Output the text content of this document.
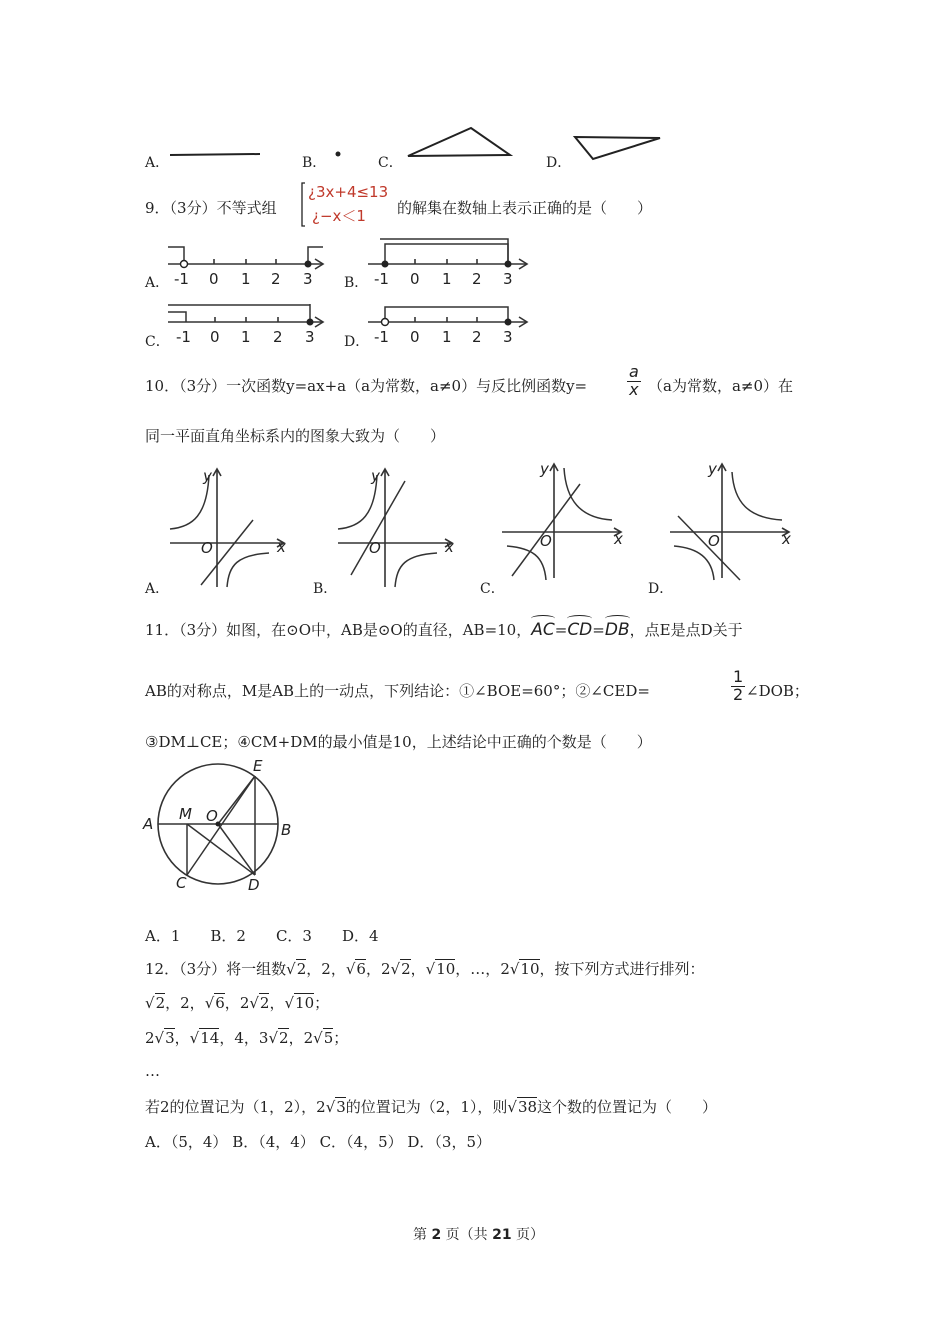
A．	B．	C．	D．
9．（3分）不等式组
¿3x+4≤13
¿−x＜1 的解集在数轴上表示正确的是（　　）
A．	B．
C．	D．
-1 0 1 2 3	-1 0 1 2 3
-1 0 1 2 3	-1 0 1 2 3
10．（3分）一次函数y=ax+a（a为常数，a≠0）与反比例函数$y= \frac{a}{x} (a$为常数，a≠0）在
同一平面直角坐标系内的图象大致为（　　）
y
x
O
A．
y
x
O
B．
y
x
O
C．
y
x
O
D．
11．（3分）如图，在⊙O中，AB是⊙O的直径，AB=10，AC=CD=DB，点E是点D关于
AB的对称点，M是AB上的一动点，下列结论：①∠BOE=60°；②∠CED=	$\frac{1}{2}$ ∠DOB；
③DM⊥CE；④CM+DM的最小值是10，上述结论中正确的个数是（　　）
A	B
C	D
E
M O
A．1　　B．2　　C．3　　D．4
12．（3分）将一组数√2，2，√6，2√2，√10，…，2√10，按下列方式进行排列：
√2，2，√6，2√2，√10；
2√3，√14，4，3√2，2√5；
…
若2的位置记为（1，2），2√3的位置记为（2，1），则√38这个数的位置记为（　　）
A．（5，4） B．（4，4） C．（4，5） D．（3，5）
第 2 页（共 21 页）
